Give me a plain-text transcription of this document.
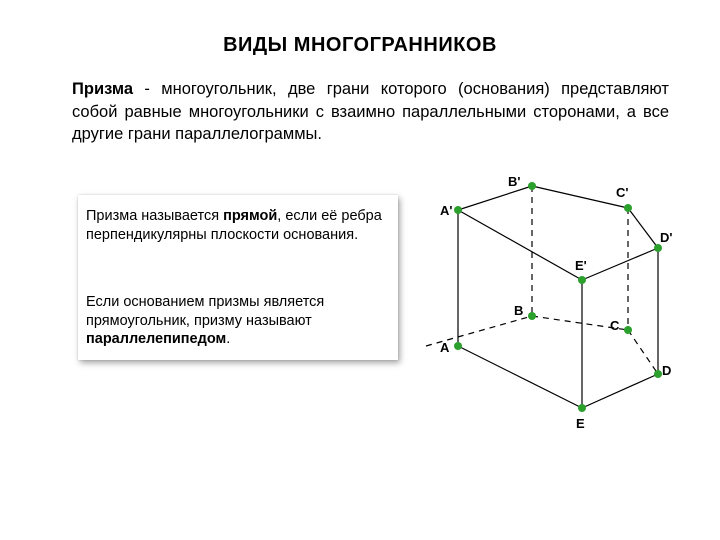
ВИДЫ МНОГОГРАННИКОВ
Призма - многоугольник, две грани которого (основания) представляют собой равные многоугольники с взаимно параллельными сторонами, а все другие грани параллелограммы.
Призма называется прямой, если её ребра перпендикулярны плоскости основания.
Если основанием призмы является прямоугольник, призму называют параллелепипедом.
A'
B'
C'
D'
E'
A
B
C
D
E
